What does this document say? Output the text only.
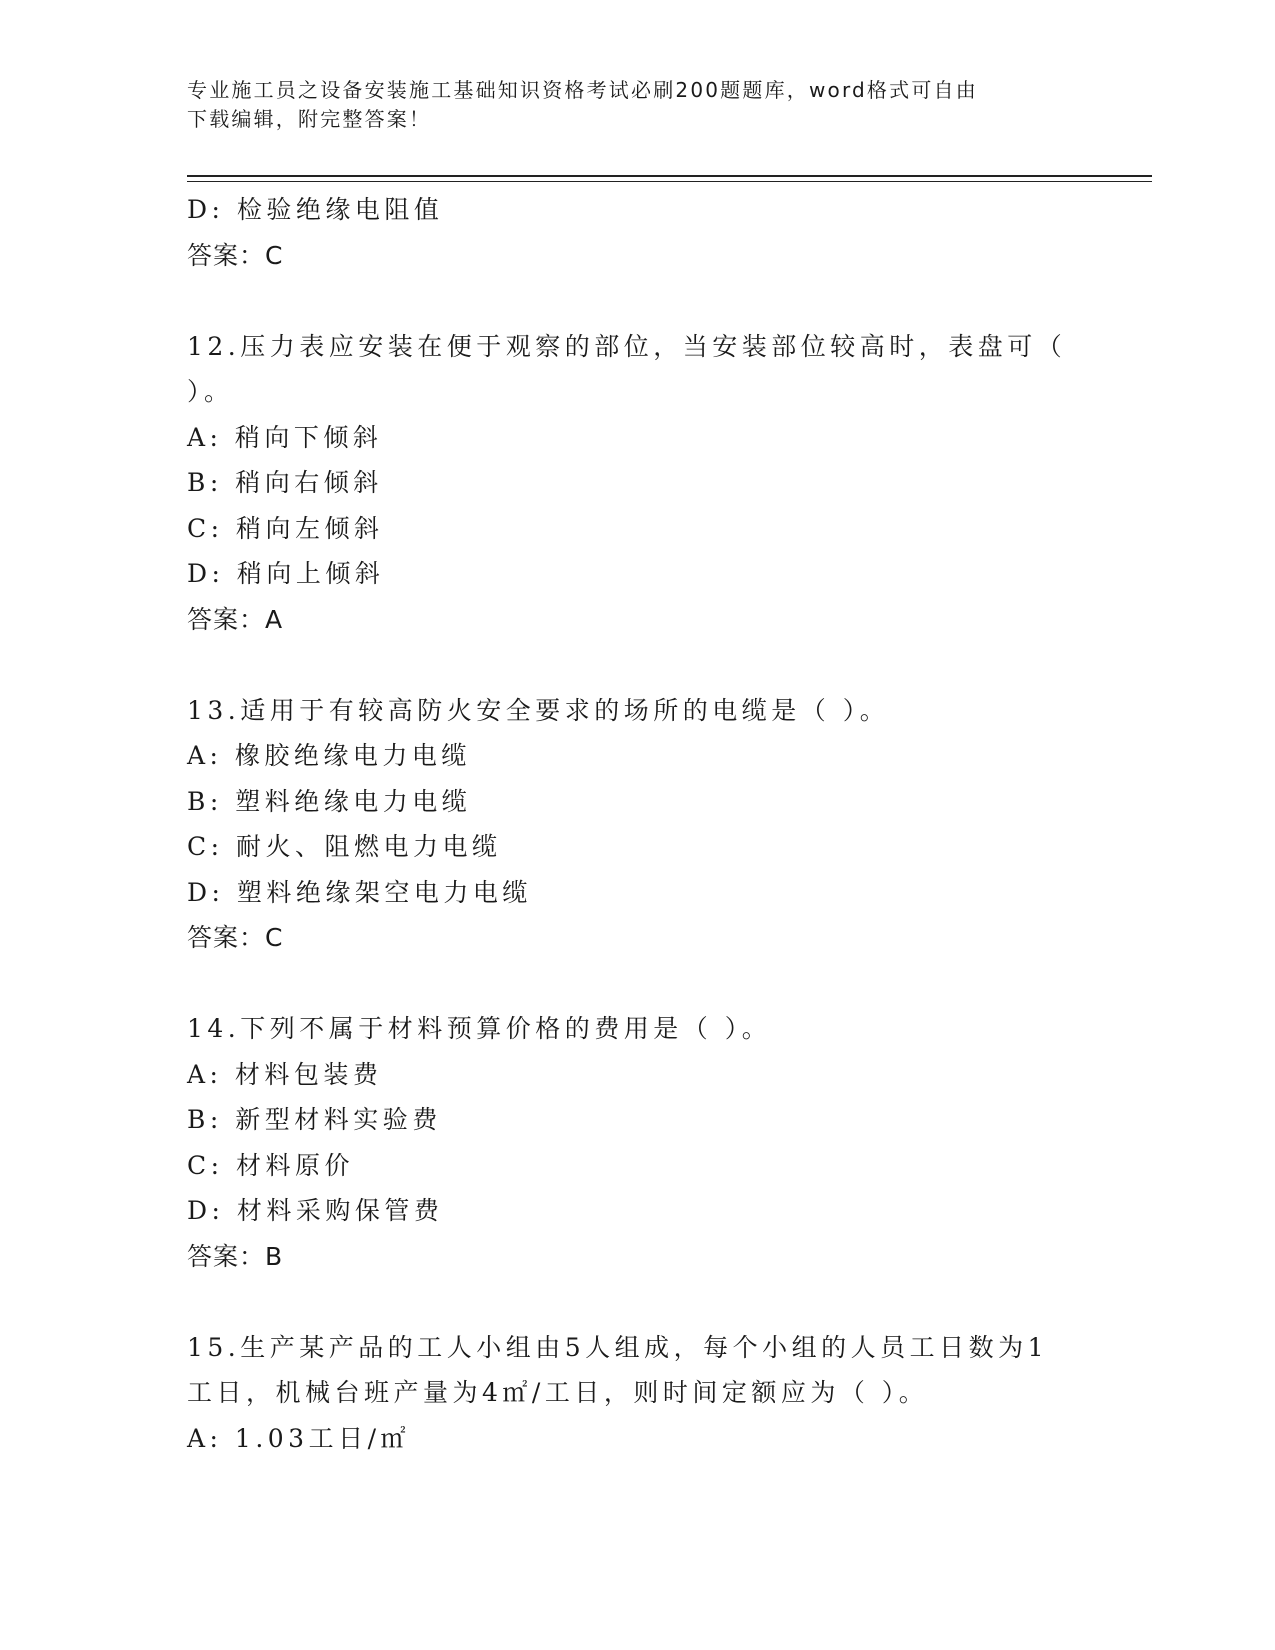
专业施工员之设备安装施工基础知识资格考试必刷200题题库，word格式可自由
下载编辑，附完整答案！
D: 检验绝缘电阻值
答案：C
12.压力表应安装在便于观察的部位，当安装部位较高时，表盘可（ ）。
A: 稍向下倾斜
B: 稍向右倾斜
C: 稍向左倾斜
D: 稍向上倾斜
答案：A
13.适用于有较高防火安全要求的场所的电缆是（ ）。
A: 橡胶绝缘电力电缆
B: 塑料绝缘电力电缆
C: 耐火、阻燃电力电缆
D: 塑料绝缘架空电力电缆
答案：C
14.下列不属于材料预算价格的费用是（ ）。
A: 材料包装费
B: 新型材料实验费
C: 材料原价
D: 材料采购保管费
答案：B
15.生产某产品的工人小组由5人组成，每个小组的人员工日数为1工日，机械台班产量为4㎡/工日，则时间定额应为（ ）。
A: 1.03工日/㎡
